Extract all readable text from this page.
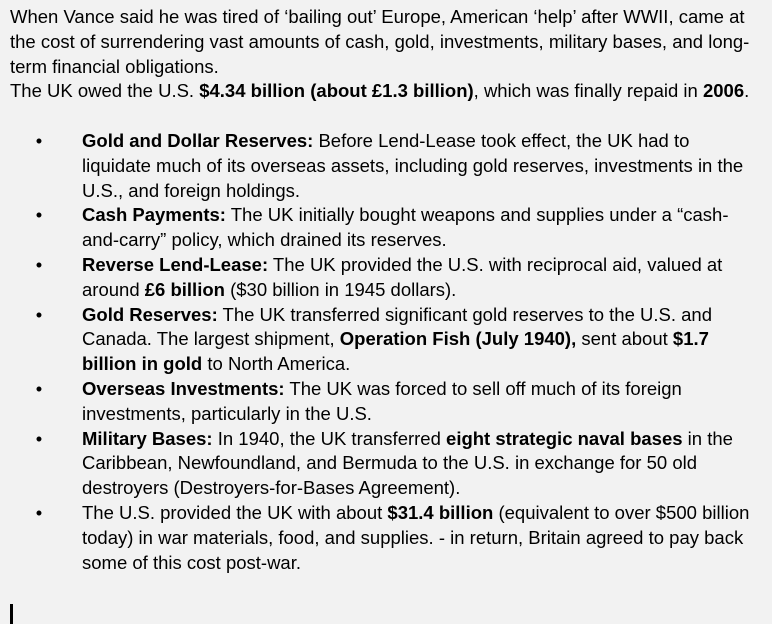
When Vance said he was tired of ‘bailing out’ Europe, American ‘help’ after WWII, came at the cost of surrendering vast amounts of cash, gold, investments, military bases, and long-term financial obligations.

The UK owed the U.S. $4.34 billion (about £1.3 billion), which was finally repaid in 2006.

• Gold and Dollar Reserves: Before Lend-Lease took effect, the UK had to liquidate much of its overseas assets, including gold reserves, investments in the U.S., and foreign holdings.
• Cash Payments: The UK initially bought weapons and supplies under a “cash-and-carry” policy, which drained its reserves.
• Reverse Lend-Lease: The UK provided the U.S. with reciprocal aid, valued at around £6 billion ($30 billion in 1945 dollars).
• Gold Reserves: The UK transferred significant gold reserves to the U.S. and Canada. The largest shipment, Operation Fish (July 1940), sent about $1.7 billion in gold to North America.
• Overseas Investments: The UK was forced to sell off much of its foreign investments, particularly in the U.S.
• Military Bases: In 1940, the UK transferred eight strategic naval bases in the Caribbean, Newfoundland, and Bermuda to the U.S. in exchange for 50 old destroyers (Destroyers-for-Bases Agreement).
• The U.S. provided the UK with about $31.4 billion (equivalent to over $500 billion today) in war materials, food, and supplies. - in return, Britain agreed to pay back some of this cost post-war.
